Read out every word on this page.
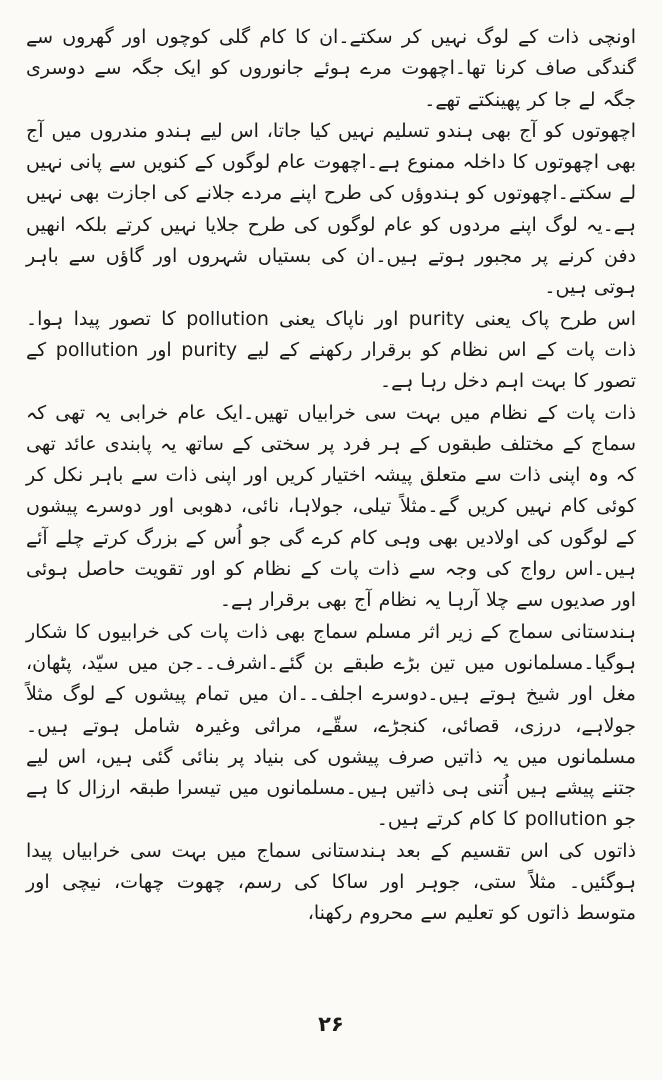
اونچی ذات کے لوگ نہیں کر سکتے۔ان کا کام گلی کوچوں اور گھروں سے گندگی صاف کرنا تھا۔اچھوت مرے ہوئے جانوروں کو ایک جگہ سے دوسری جگہ لے جا کر پھینکتے تھے۔

اچھوتوں کو آج بھی ہندو تسلیم نہیں کیا جاتا، اس لیے ہندو مندروں میں آج بھی اچھوتوں کا داخلہ ممنوع ہے۔اچھوت عام لوگوں کے کنویں سے پانی نہیں لے سکتے۔اچھوتوں کو ہندوؤں کی طرح اپنے مردے جلانے کی اجازت بھی نہیں ہے۔یہ لوگ اپنے مردوں کو عام لوگوں کی طرح جلایا نہیں کرتے بلکہ انھیں دفن کرنے پر مجبور ہوتے ہیں۔ان کی بستیاں شہروں اور گاؤں سے باہر ہوتی ہیں۔

اس طرح پاک یعنی purity اور ناپاک یعنی pollution کا تصور پیدا ہوا۔ ذات پات کے اس نظام کو برقرار رکھنے کے لیے purity اور pollution کے تصور کا بہت اہم دخل رہا ہے۔

ذات پات کے نظام میں بہت سی خرابیاں تھیں۔ایک عام خرابی یہ تھی کہ سماج کے مختلف طبقوں کے ہر فرد پر سختی کے ساتھ یہ پابندی عائد تھی کہ وہ اپنی ذات سے متعلق پیشہ اختیار کریں اور اپنی ذات سے باہر نکل کر کوئی کام نہیں کریں گے۔مثلاً تیلی، جولاہا، نائی، دھوبی اور دوسرے پیشوں کے لوگوں کی اولادیں بھی وہی کام کرے گی جو اُس کے بزرگ کرتے چلے آئے ہیں۔اس رواج کی وجہ سے ذات پات کے نظام کو اور تقویت حاصل ہوئی اور صدیوں سے چلا آرہا یہ نظام آج بھی برقرار ہے۔

ہندستانی سماج کے زیر اثر مسلم سماج بھی ذات پات کی خرابیوں کا شکار ہوگیا۔مسلمانوں میں تین بڑے طبقے بن گئے۔اشرف۔۔جن میں سیّد، پٹھان، مغل اور شیخ ہوتے ہیں۔دوسرے اجلف۔۔ان میں تمام پیشوں کے لوگ مثلاً جولاہے، درزی، قصائی، کنجڑے، سقّے، مراثی وغیرہ شامل ہوتے ہیں۔مسلمانوں میں یہ ذاتیں صرف پیشوں کی بنیاد پر بنائی گئی ہیں، اس لیے جتنے پیشے ہیں اُتنی ہی ذاتیں ہیں۔مسلمانوں میں تیسرا طبقہ ارزال کا ہے جو pollution کا کام کرتے ہیں۔

ذاتوں کی اس تقسیم کے بعد ہندستانی سماج میں بہت سی خرابیاں پیدا ہوگئیں۔ مثلاً ستی، جوہر اور ساکا کی رسم، چھوت چھات، نیچی اور متوسط ذاتوں کو تعلیم سے محروم رکھنا،

۲۶
